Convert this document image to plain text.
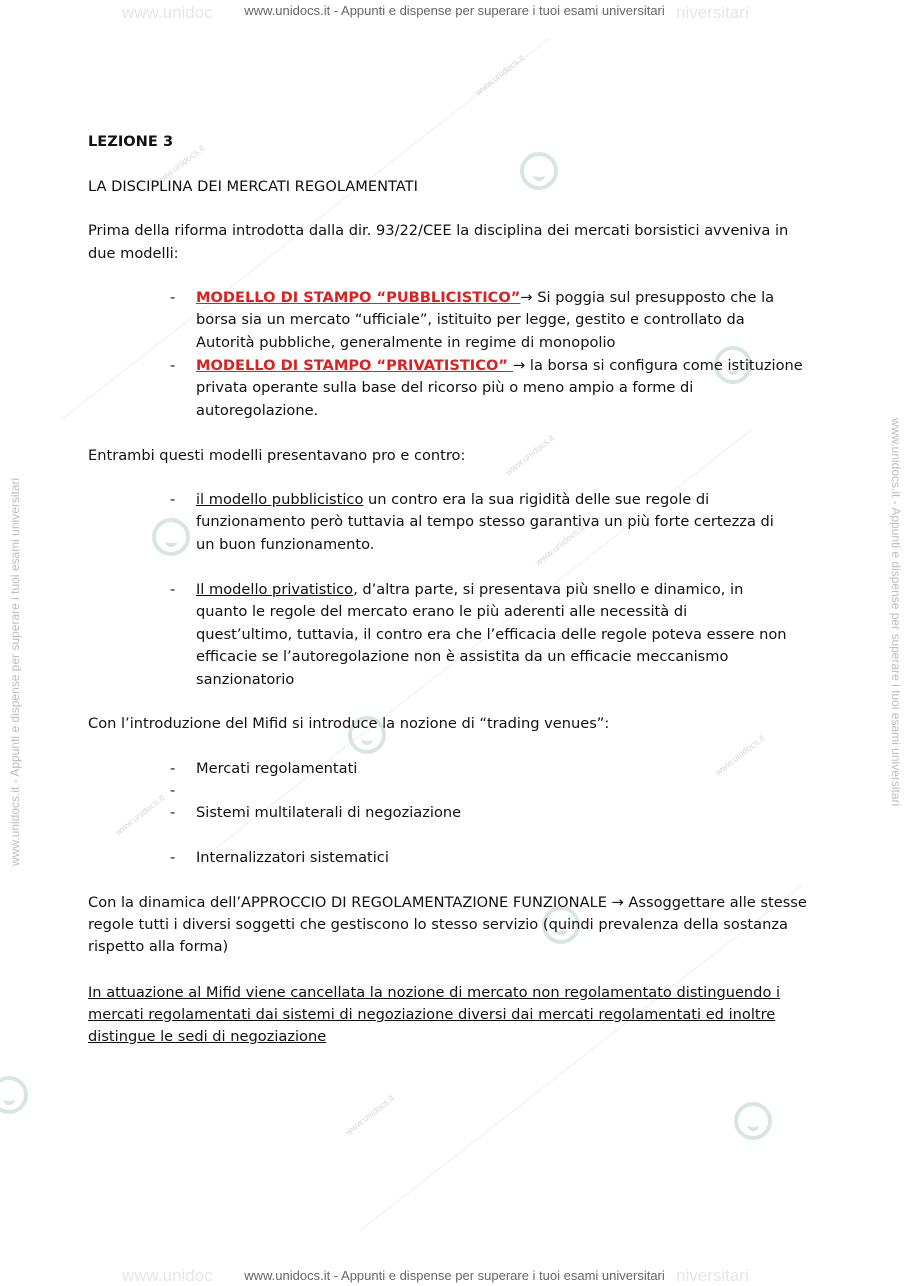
www.unidoc	niversitari
www.unidoc	niversitari
www.unidocs.it - Appunti e dispense per superare i tuoi esami universitari
www.unidocs.it - Appunti e dispense per superare i tuoi esami universitari
www.unidocs.it - Appunti e dispense per superare i tuoi esami universitari	www.unidocs.it - Appunti e dispense per superare i tuoi esami universitari
www.unidocs.it
www.unidocs.it
www.unidocs.it
www.unidocs.it
www.unidocs.it
www.unidocs.it
www.unidocs.it

LEZIONE 3

LA DISCIPLINA DEI MERCATI REGOLAMENTATI

Prima della riforma introdotta dalla dir. 93/22/CEE la disciplina dei mercati borsistici avveniva in

due modelli:

- MODELLO DI STAMPO “PUBBLICISTICO”→ Si poggia sul presupposto che la
borsa sia un mercato “ufficiale”, istituito per legge, gestito e controllato da
Autorità pubbliche, generalmente in regime di monopolio
- MODELLO DI STAMPO “PRIVATISTICO” → la borsa si configura come istituzione
privata operante sulla base del ricorso più o meno ampio a forme di
autoregolazione.

Entrambi questi modelli presentavano pro e contro:

- il modello pubblicistico un contro era la sua rigidità delle sue regole di
funzionamento però tuttavia al tempo stesso garantiva un più forte certezza di
un buon funzionamento.
- Il modello privatistico, d’altra parte, si presentava più snello e dinamico, in
quanto le regole del mercato erano le più aderenti alle necessità di
quest’ultimo, tuttavia, il contro era che l’efficacia delle regole poteva essere non
efficacie se l’autoregolazione non è assistita da un efficacie meccanismo
sanzionatorio

Con l’introduzione del Mifid si introduce la nozione di “trading venues”:

- Mercati regolamentati
-
- Sistemi multilaterali di negoziazione
- Internalizzatori sistematici

Con la dinamica dell’APPROCCIO DI REGOLAMENTAZIONE FUNZIONALE → Assoggettare alle stesse

regole tutti i diversi soggetti che gestiscono lo stesso servizio (quindi prevalenza della sostanza

rispetto alla forma)

In attuazione al Mifid viene cancellata la nozione di mercato non regolamentato distinguendo i

mercati regolamentati dai sistemi di negoziazione diversi dai mercati regolamentati ed inoltre

distingue le sedi di negoziazione
